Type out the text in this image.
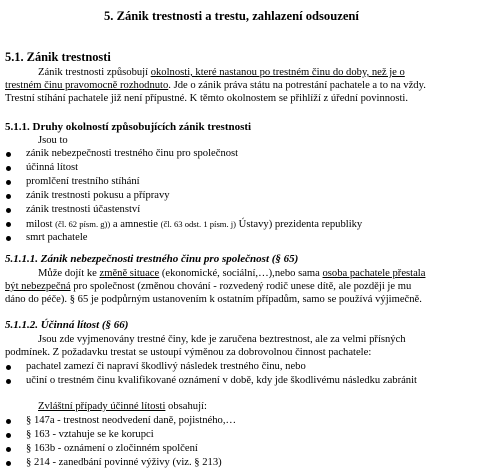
5. Zánik trestnosti a trestu, zahlazení odsouzení
5.1. Zánik trestnosti
Zánik trestnosti způsobují okolnosti, které nastanou po trestném činu do doby, než je o
trestném činu pravomocně rozhodnuto. Jde o zánik práva státu na potrestání pachatele a to na vždy.
Trestní stíhání pachatele již není přípustné. K těmto okolnostem se přihlíží z úřední povinnosti.
5.1.1. Druhy okolností způsobujících zánik trestnosti
Jsou to
zánik nebezpečnosti trestného činu pro společnost
účinná lítost
promlčení trestního stíhání
zánik trestnosti pokusu a přípravy
zánik trestnosti účastenství
milost (čl. 62 písm. g)) a amnestie (čl. 63 odst. 1 písm. j) Ústavy) prezidenta republiky
smrt pachatele
5.1.1.1. Zánik nebezpečnosti trestného činu pro společnost (§ 65)
Může dojít ke změně situace (ekonomické, sociální,…),nebo sama osoba pachatele přestala
být nebezpečná pro společnost (změnou chování - rozvedený rodič unese dítě, ale později je mu
dáno do péče). § 65 je podpůrným ustanovením k ostatním případům, samo se používá výjimečně.
5.1.1.2. Účinná lítost (§ 66)
Jsou zde vyjmenovány trestné činy, kde je zaručena beztrestnost, ale za velmi přísných
podmínek. Z požadavku trestat se ustoupí výměnou za dobrovolnou činnost pachatele:
pachatel zamezí či napraví škodlivý následek trestného činu, nebo
učiní o trestném činu kvalifikované oznámení v době, kdy jde škodlivému následku zabránit
Zvláštní případy účinné lítosti obsahují:
§ 147a - trestnost neodvedení daně, pojistného,…
§ 163 - vztahuje se ke korupci
§ 163b - oznámení o zločinném spolčení
§ 214 - zanedbání povinné výživy (viz. § 213)
